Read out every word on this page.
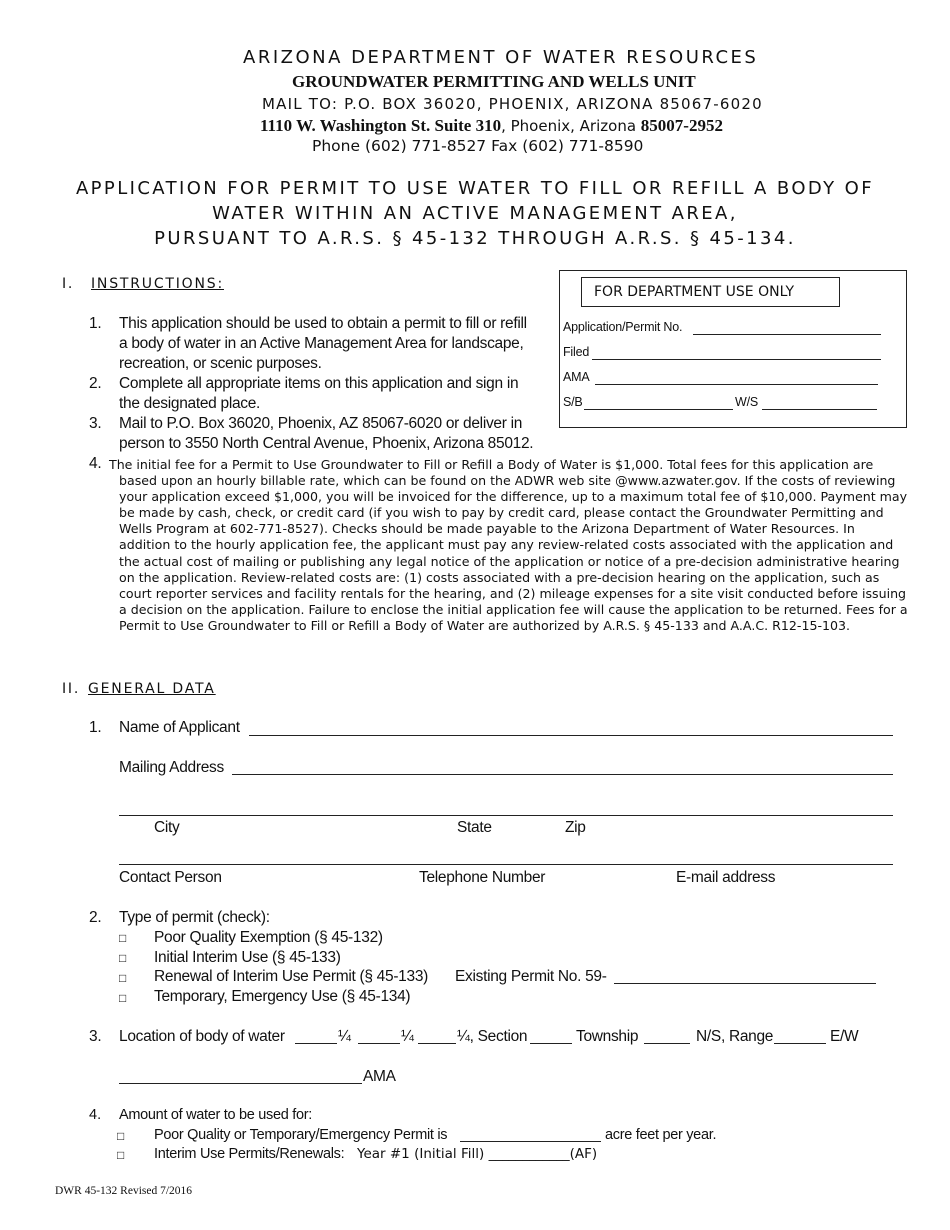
ARIZONA DEPARTMENT OF WATER RESOURCES
GROUNDWATER PERMITTING AND WELLS UNIT
MAIL TO: P.O. BOX 36020, PHOENIX, ARIZONA 85067-6020
1110 W. Washington St. Suite 310, Phoenix, Arizona 85007-2952
Phone (602) 771-8527 Fax (602) 771-8590
APPLICATION FOR PERMIT TO USE WATER TO FILL OR REFILL A BODY OF
WATER WITHIN AN ACTIVE MANAGEMENT AREA,
PURSUANT TO A.R.S. § 45-132 THROUGH A.R.S. § 45-134.
FOR DEPARTMENT USE ONLY
Application/Permit No.
Filed
AMA
S/B	W/S
I. INSTRUCTIONS:
1. This application should be used to obtain a permit to fill or refill
a body of water in an Active Management Area for landscape,
recreation, or scenic purposes.
2. Complete all appropriate items on this application and sign in
the designated place.
3. Mail to P.O. Box 36020, Phoenix, AZ 85067-6020 or deliver in
person to 3550 North Central Avenue, Phoenix, Arizona 85012.
4. The initial fee for a Permit to Use Groundwater to Fill or Refill a Body of Water is $1,000. Total fees for this application are based upon an hourly billable rate, which can be found on the ADWR web site @www.azwater.gov. If the costs of reviewing your application exceed $1,000, you will be invoiced for the difference, up to a maximum total fee of $10,000. Payment may be made by cash, check, or credit card (if you wish to pay by credit card, please contact the Groundwater Permitting and Wells Program at 602-771-8527). Checks should be made payable to the Arizona Department of Water Resources. In addition to the hourly application fee, the applicant must pay any review-related costs associated with the application and the actual cost of mailing or publishing any legal notice of the application or notice of a pre-decision administrative hearing on the application. Review-related costs are: (1) costs associated with a pre-decision hearing on the application, such as court reporter services and facility rentals for the hearing, and (2) mileage expenses for a site visit conducted before issuing a decision on the application. Failure to enclose the initial application fee will cause the application to be returned. Fees for a Permit to Use Groundwater to Fill or Refill a Body of Water are authorized by A.R.S. § 45-133 and A.A.C. R12-15-103.
II. GENERAL DATA
1. Name of Applicant
Mailing Address
City	State	Zip
Contact Person	Telephone Number	E-mail address
2. Type of permit (check):
□ Poor Quality Exemption (§ 45-132)
□ Initial Interim Use (§ 45-133)
□ Renewal of Interim Use Permit (§ 45-133) Existing Permit No. 59-
□ Temporary, Emergency Use (§ 45-134)
3. Location of body of water	¼	¼	¼, Section	Township	N/S, Range	E/W
AMA
4. Amount of water to be used for:
□ Poor Quality or Temporary/Emergency Permit is	acre feet per year.
□ Interim Use Permits/Renewals: Year #1 (Initial Fill) ____________(AF)
DWR 45-132 Revised 7/2016
